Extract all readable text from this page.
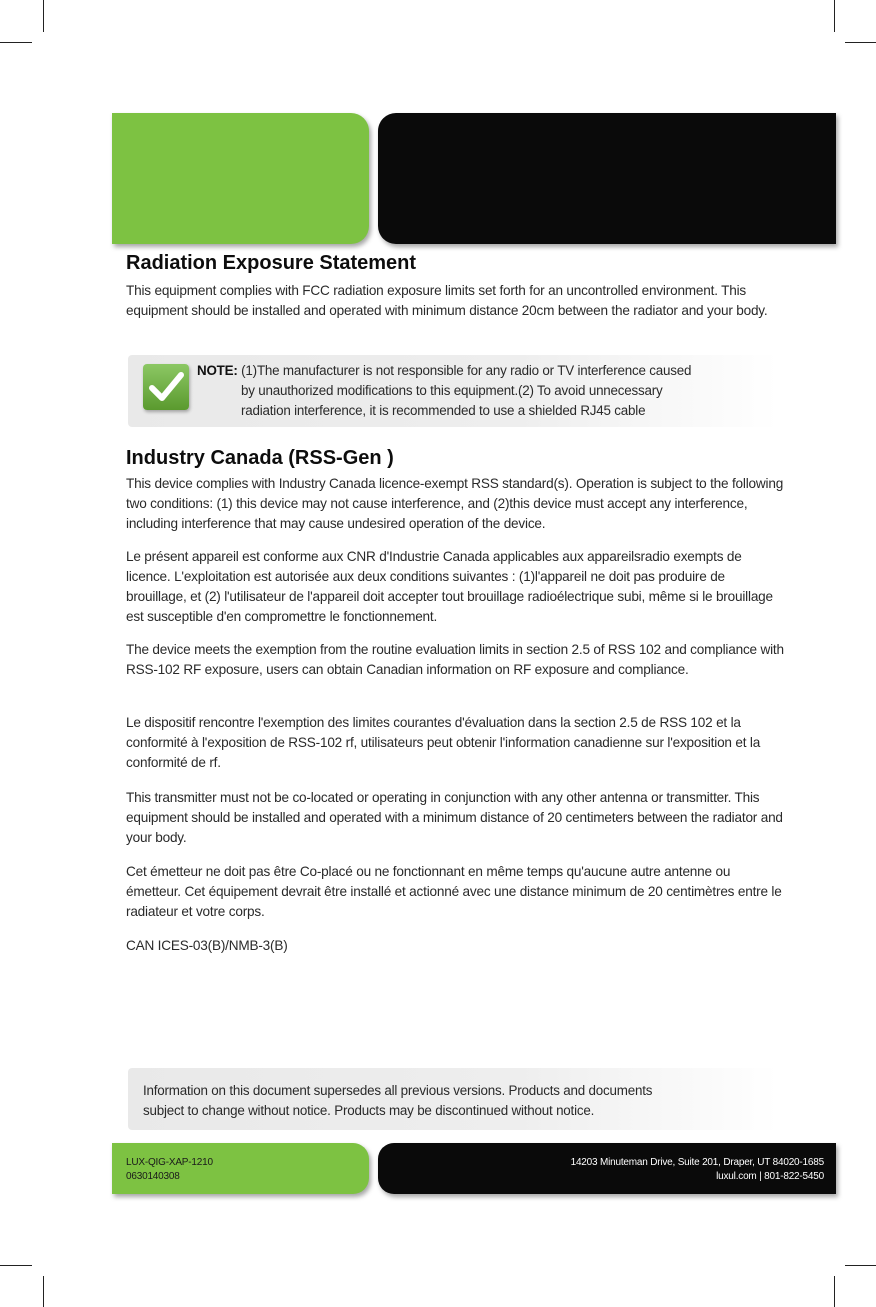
Radiation Exposure Statement

This equipment complies with FCC radiation exposure limits set forth for an uncontrolled environment. This equipment should be installed and operated with minimum distance 20cm between the radiator and your body.

NOTE: (1)The manufacturer is not responsible for any radio or TV interference caused
by unauthorized modifications to this equipment.(2) To avoid unnecessary
radiation interference, it is recommended to use a shielded RJ45 cable

Industry Canada (RSS-Gen )

This device complies with Industry Canada licence-exempt RSS standard(s). Operation is subject to the following two conditions: (1) this device may not cause interference, and (2)this device must accept any interference, including interference that may cause undesired operation of the device.

Le présent appareil est conforme aux CNR d'Industrie Canada applicables aux appareilsradio exempts de licence. L'exploitation est autorisée aux deux conditions suivantes : (1)l'appareil ne doit pas produire de brouillage, et (2) l'utilisateur de l'appareil doit accepter tout brouillage radioélectrique subi, même si le brouillage est susceptible d'en compromettre le fonctionnement.

The device meets the exemption from the routine evaluation limits in section 2.5 of RSS 102 and compliance with RSS-102 RF exposure, users can obtain Canadian information on RF exposure and compliance.

Le dispositif rencontre l'exemption des limites courantes d'évaluation dans la section 2.5 de RSS 102 et la conformité à l'exposition de RSS-102 rf, utilisateurs peut obtenir l'information canadienne sur l'exposition et la conformité de rf.

This transmitter must not be co-located or operating in conjunction with any other antenna or transmitter. This equipment should be installed and operated with a minimum distance of 20 centimeters between the radiator and your body.

Cet émetteur ne doit pas être Co-placé ou ne fonctionnant en même temps qu'aucune autre antenne ou émetteur. Cet équipement devrait être installé et actionné avec une distance minimum de 20 centimètres entre le radiateur et votre corps.

CAN ICES-03(B)/NMB-3(B)

Information on this document supersedes all previous versions. Products and documents
subject to change without notice. Products may be discontinued without notice.

LUX-QIG-XAP-1210

0630140308

14203 Minuteman Drive, Suite 201, Draper, UT 84020-1685

luxul.com | 801-822-5450
